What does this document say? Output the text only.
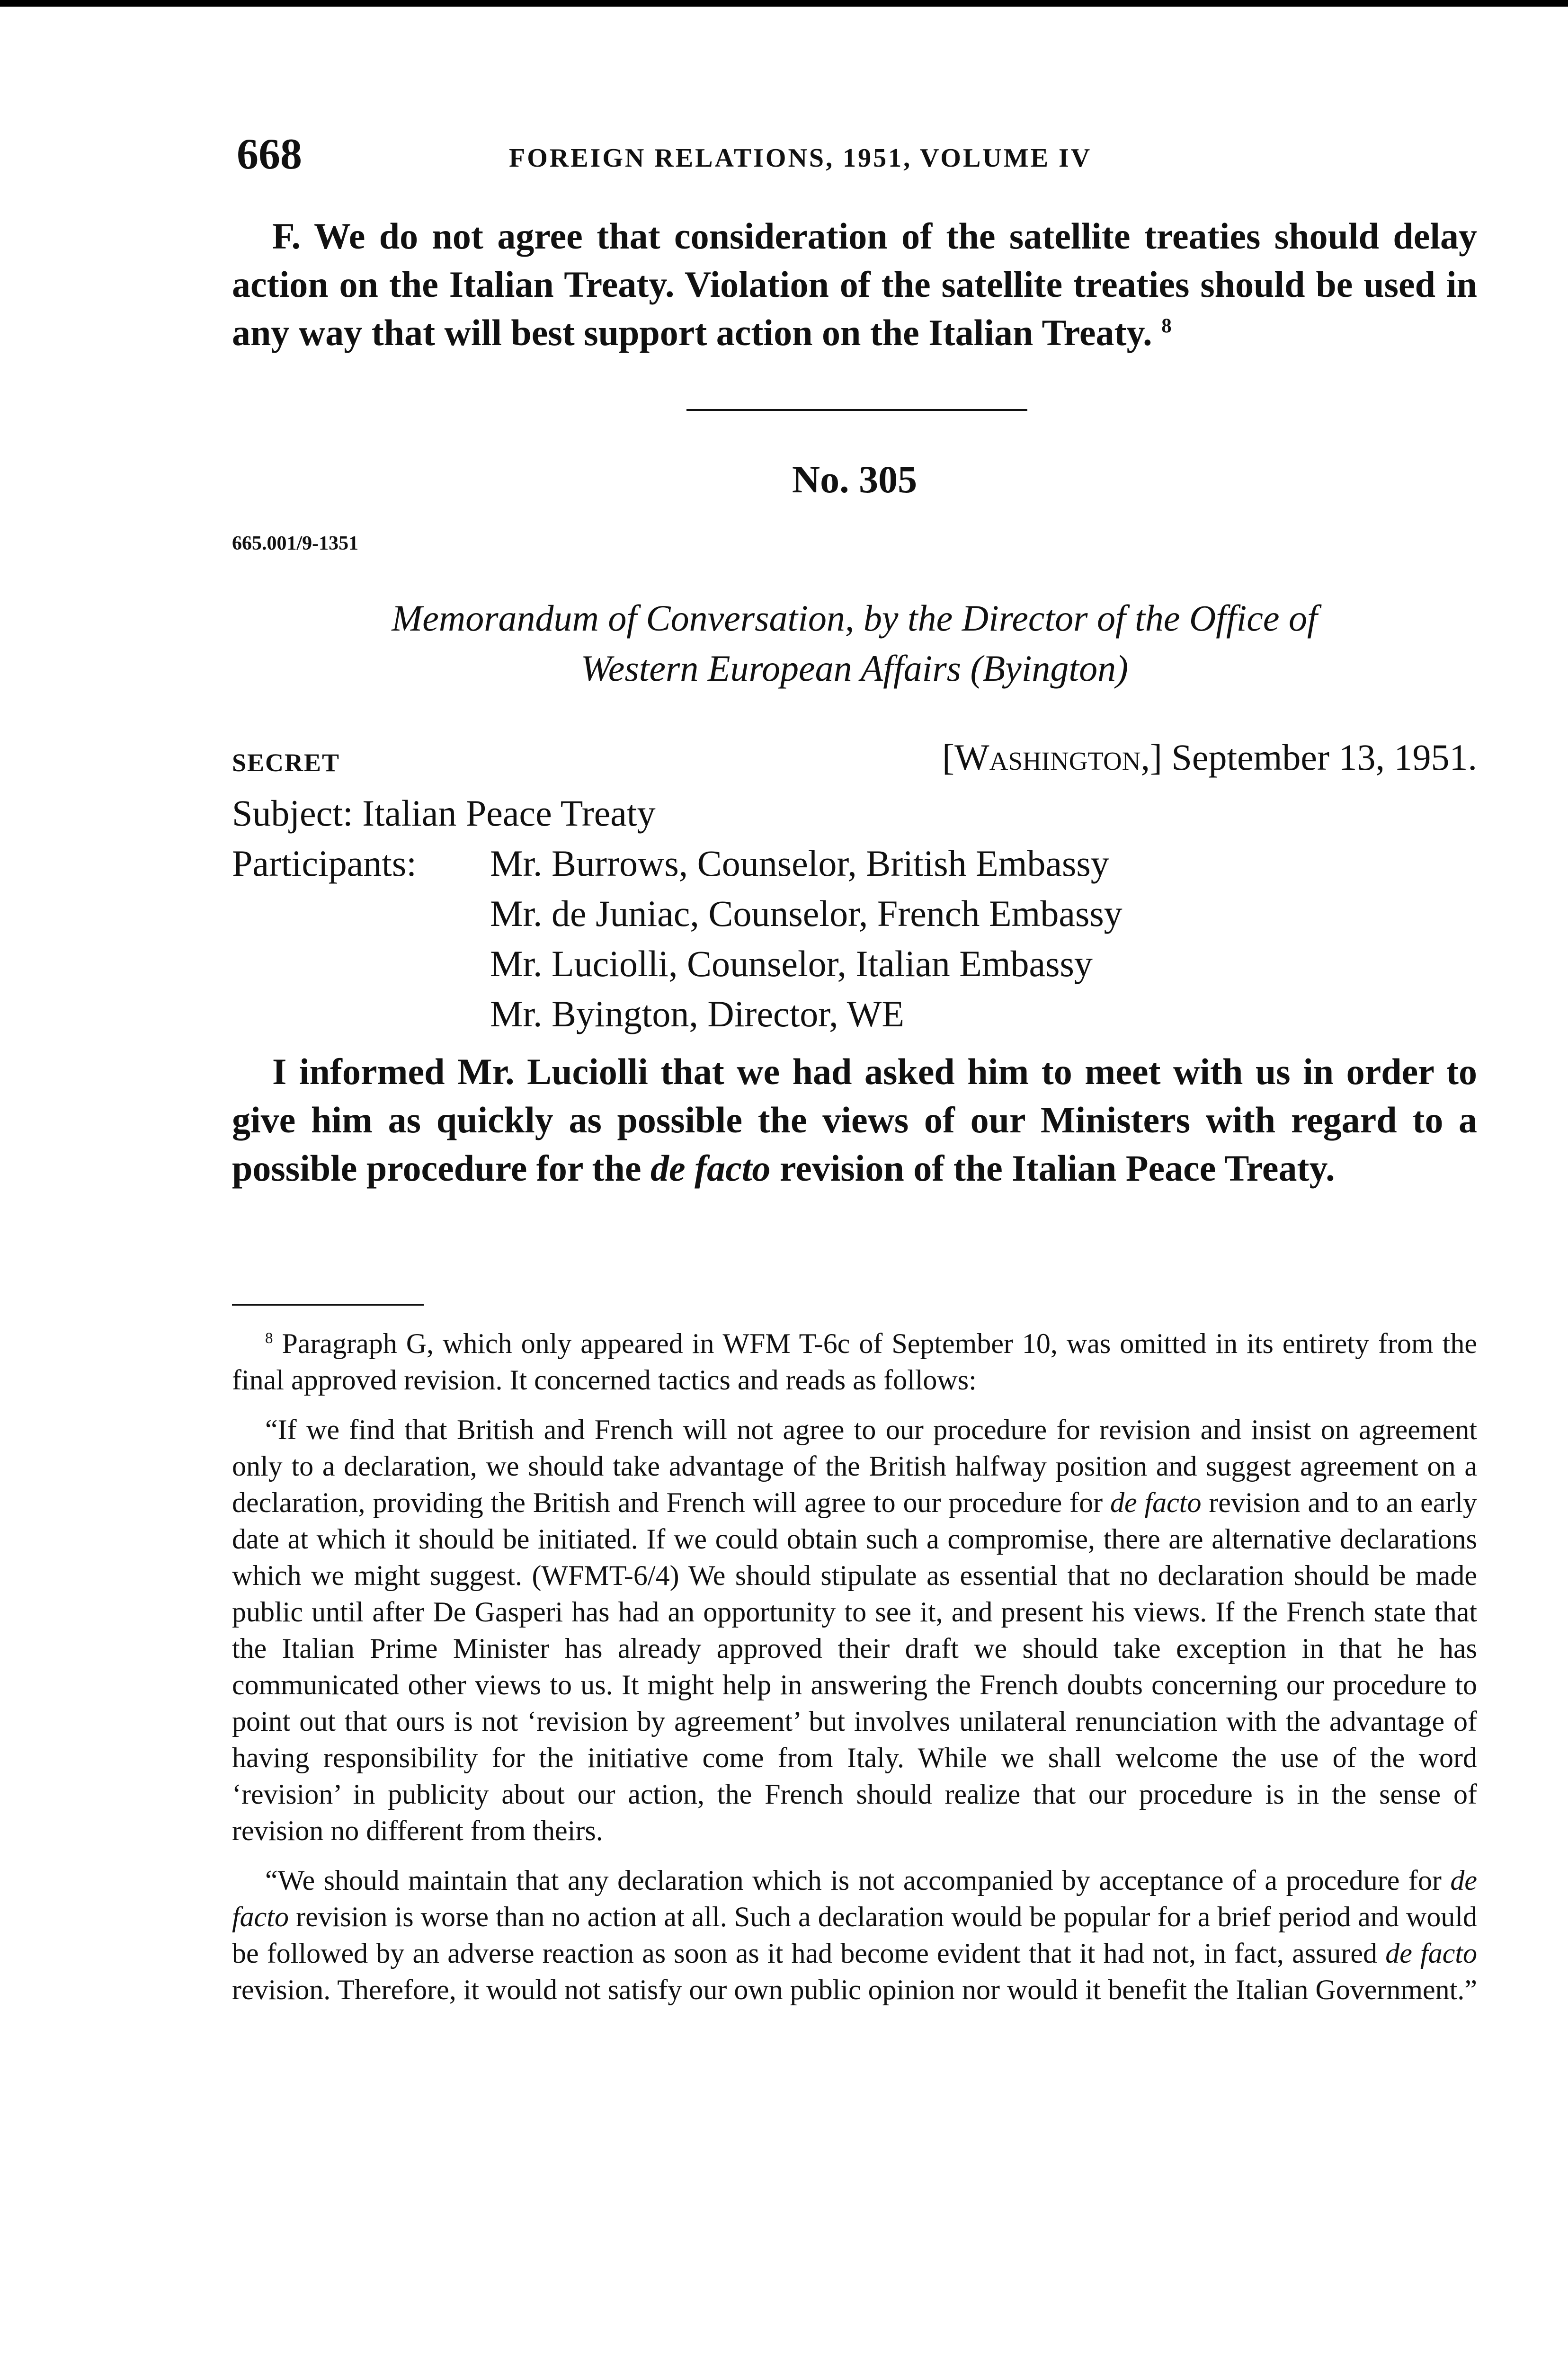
668	FOREIGN RELATIONS, 1951, VOLUME IV

F. We do not agree that consideration of the satellite treaties should delay action on the Italian Treaty. Violation of the satellite treaties should be used in any way that will best support action on the Italian Treaty. $^8$

No. 305
665.001/9-1351
Memorandum of Conversation, by the Director of the Office of
Western European Affairs (Byington)
SECRET	[Washington,] September 13, 1951.
Subject: Italian Peace Treaty
Participants:	Mr. Burrows, Counselor, British Embassy
Mr. de Juniac, Counselor, French Embassy
Mr. Luciolli, Counselor, Italian Embassy
Mr. Byington, Director, WE

I informed Mr. Luciolli that we had asked him to meet with us in order to give him as quickly as possible the views of our Ministers with regard to a possible procedure for the de facto revision of the Italian Peace Treaty.

$^8$ Paragraph G, which only appeared in WFM T-6c of September 10, was omitted in its entirety from the final approved revision. It concerned tactics and reads as follows:

“If we find that British and French will not agree to our procedure for revision and insist on agreement only to a declaration, we should take advantage of the British halfway position and suggest agreement on a declaration, providing the British and French will agree to our procedure for de facto revision and to an early date at which it should be initiated. If we could obtain such a compromise, there are alternative declarations which we might suggest. (WFMT-6/4) We should stipulate as essential that no declaration should be made public until after De Gasperi has had an opportunity to see it, and present his views. If the French state that the Italian Prime Minister has already approved their draft we should take exception in that he has communicated other views to us. It might help in answering the French doubts concerning our procedure to point out that ours is not ‘revision by agreement’ but involves unilateral renunciation with the advantage of having responsibility for the initiative come from Italy. While we shall welcome the use of the word ‘revision’ in publicity about our action, the French should realize that our procedure is in the sense of revision no different from theirs.

“We should maintain that any declaration which is not accompanied by acceptance of a procedure for de facto revision is worse than no action at all. Such a declaration would be popular for a brief period and would be followed by an adverse reaction as soon as it had become evident that it had not, in fact, assured de facto revision. Therefore, it would not satisfy our own public opinion nor would it benefit the Italian Government.”
